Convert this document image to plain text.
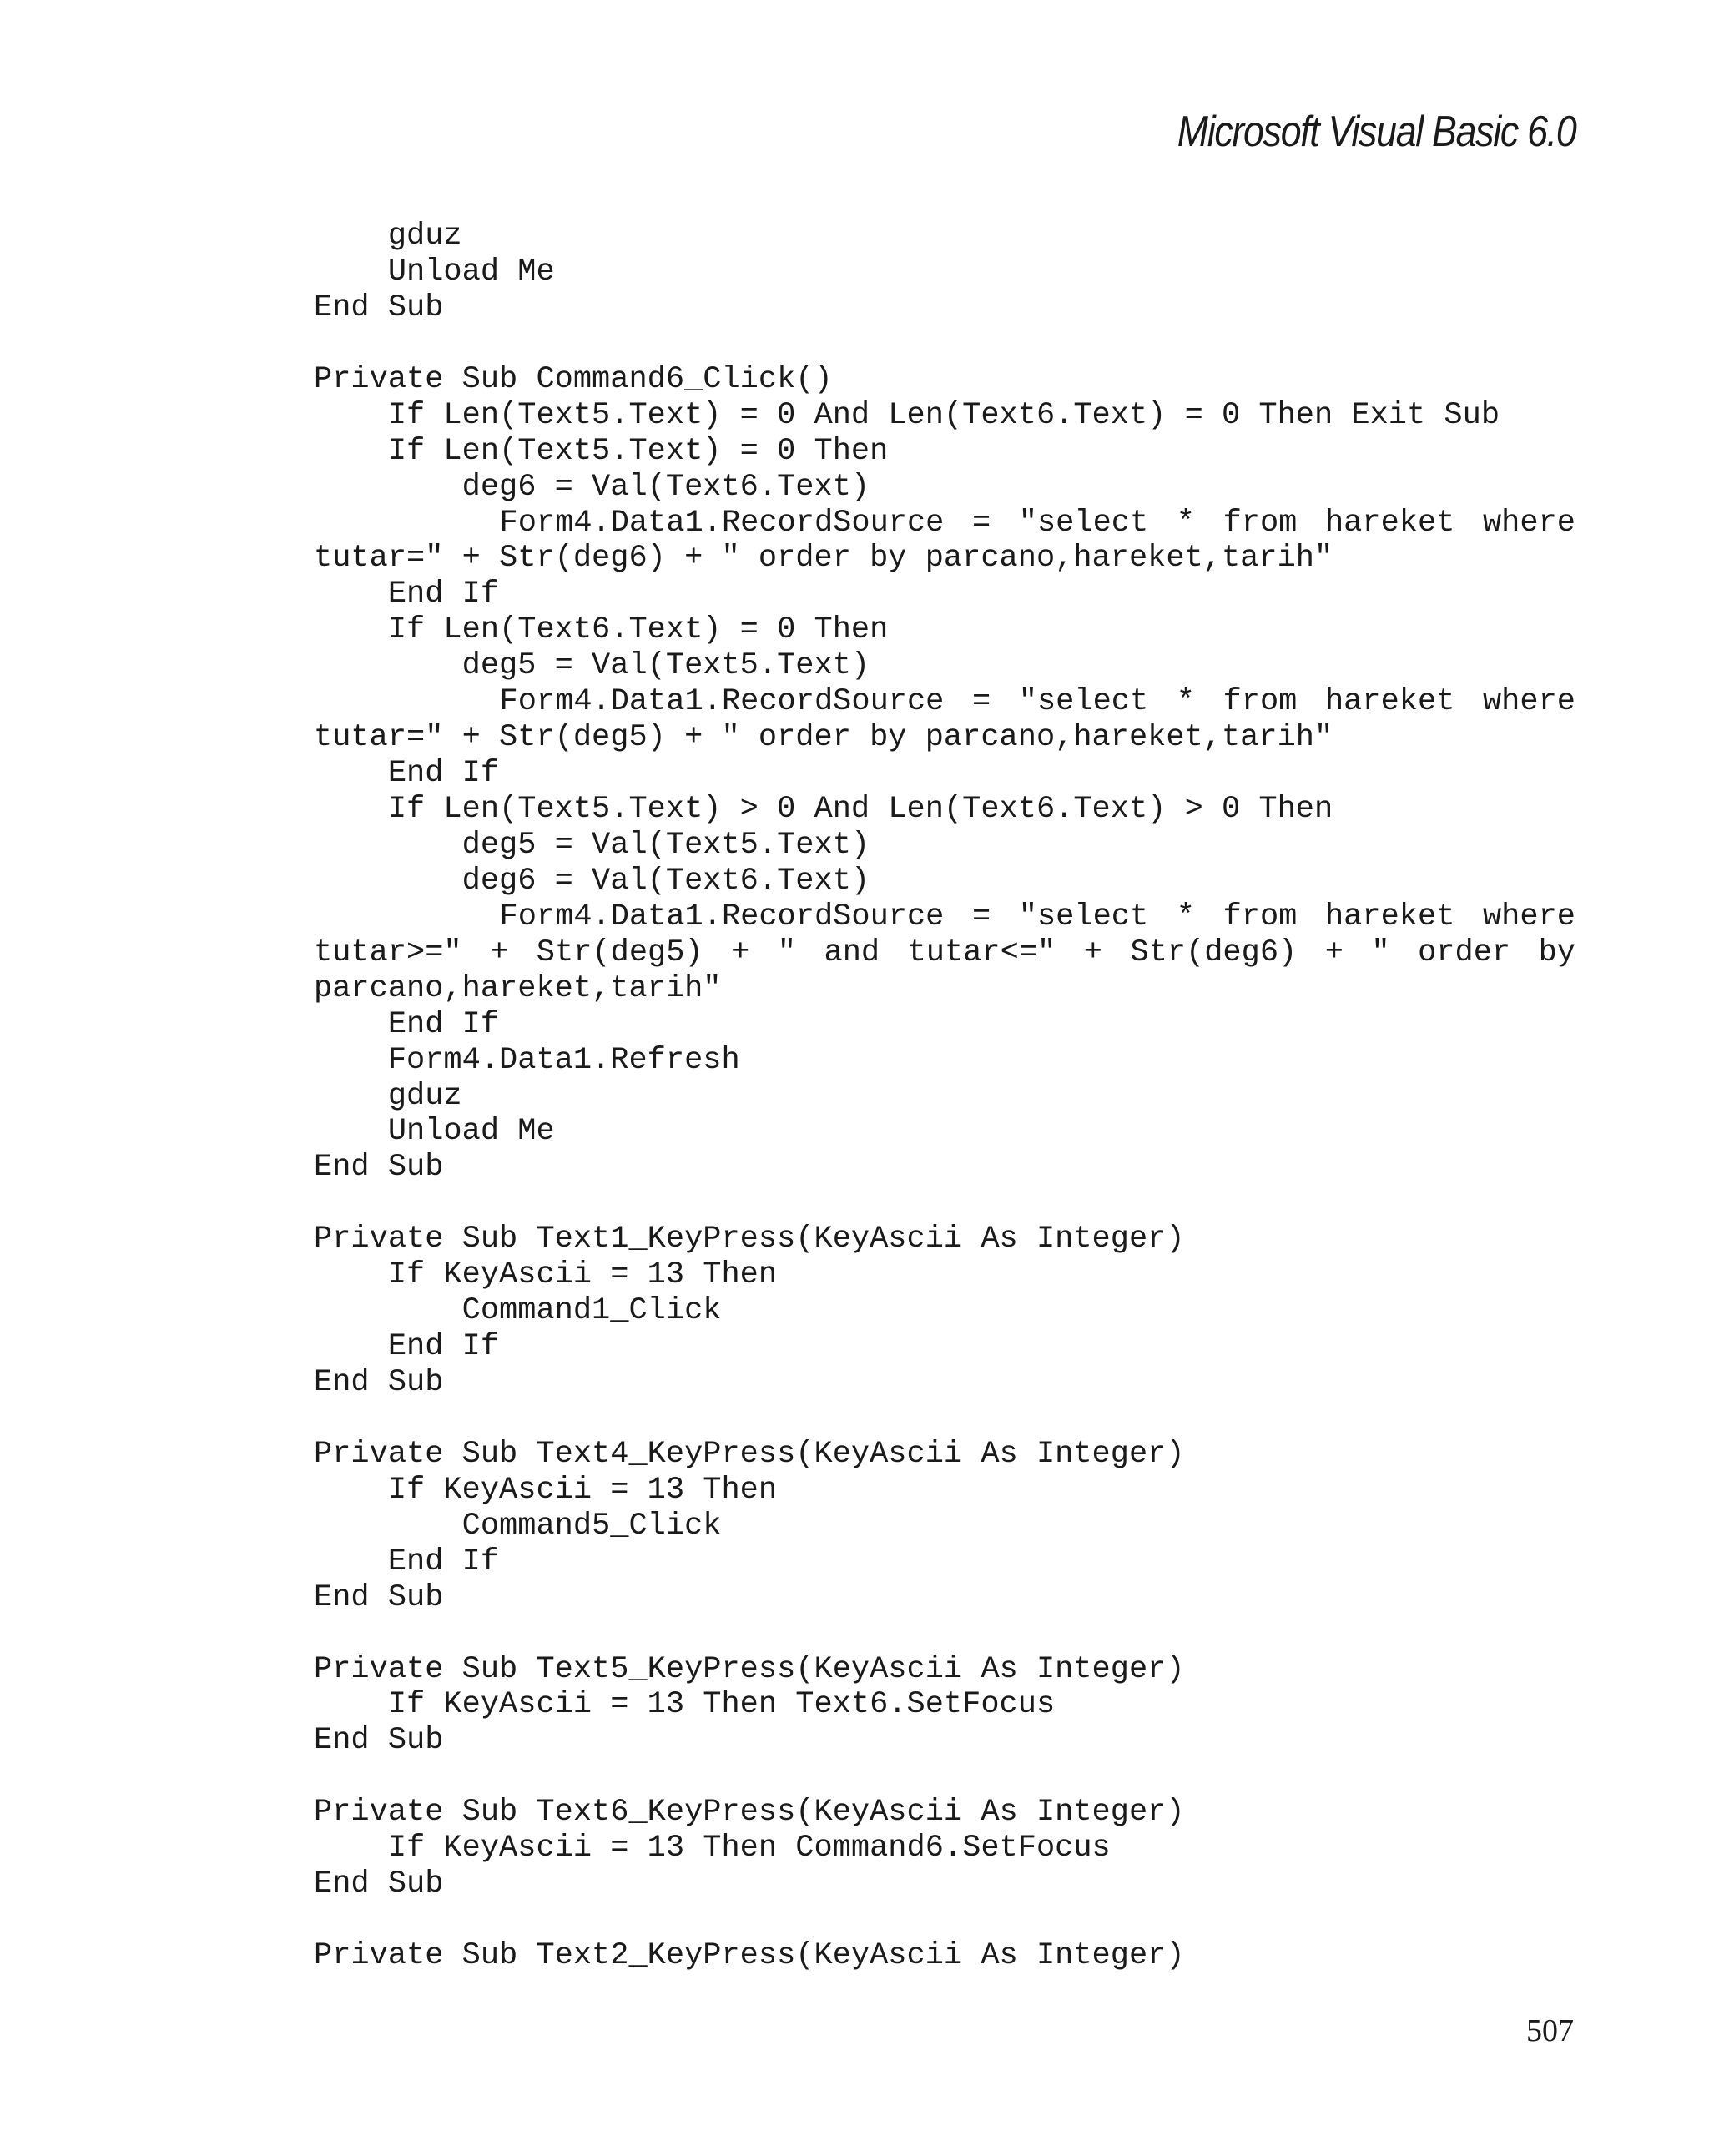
Microsoft Visual Basic 6.0
gduz
Unload Me
End Sub
Private Sub Command6_Click()
If Len(Text5.Text) = 0 And Len(Text6.Text) = 0 Then Exit Sub
If Len(Text5.Text) = 0 Then
deg6 = Val(Text6.Text)
Form4.Data1.RecordSource = "select * from hareket where
tutar=" + Str(deg6) + " order by parcano,hareket,tarih"
End If
If Len(Text6.Text) = 0 Then
deg5 = Val(Text5.Text)
Form4.Data1.RecordSource = "select * from hareket where
tutar=" + Str(deg5) + " order by parcano,hareket,tarih"
End If
If Len(Text5.Text) > 0 And Len(Text6.Text) > 0 Then
deg5 = Val(Text5.Text)
deg6 = Val(Text6.Text)
Form4.Data1.RecordSource = "select * from hareket where
tutar>=" + Str(deg5) + " and tutar<=" + Str(deg6) + " order by
parcano,hareket,tarih"
End If
Form4.Data1.Refresh
gduz
Unload Me
End Sub
Private Sub Text1_KeyPress(KeyAscii As Integer)
If KeyAscii = 13 Then
Command1_Click
End If
End Sub
Private Sub Text4_KeyPress(KeyAscii As Integer)
If KeyAscii = 13 Then
Command5_Click
End If
End Sub
Private Sub Text5_KeyPress(KeyAscii As Integer)
If KeyAscii = 13 Then Text6.SetFocus
End Sub
Private Sub Text6_KeyPress(KeyAscii As Integer)
If KeyAscii = 13 Then Command6.SetFocus
End Sub
Private Sub Text2_KeyPress(KeyAscii As Integer)
507
